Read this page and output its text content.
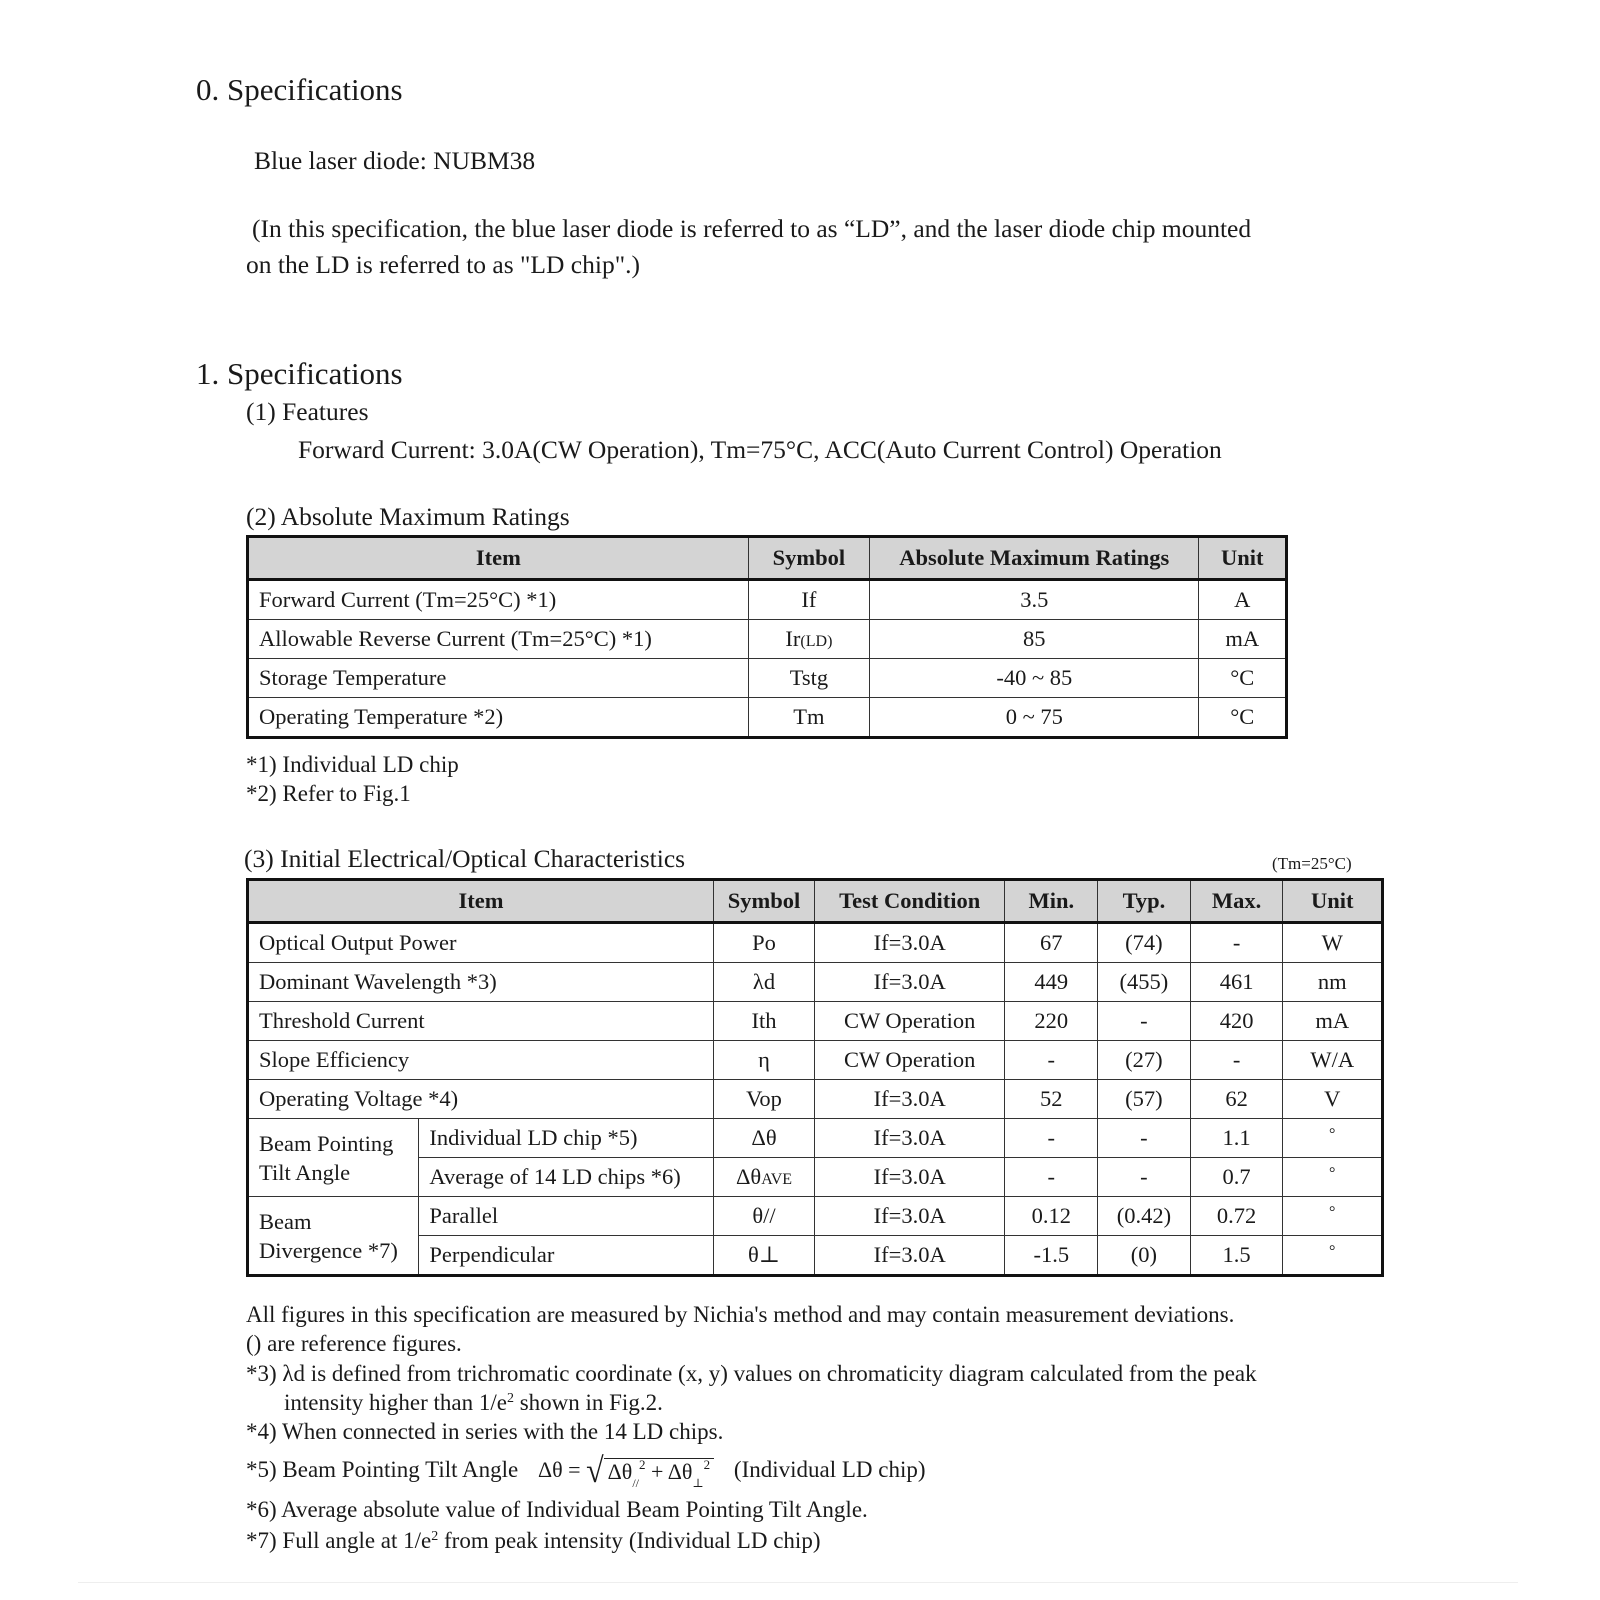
0. Specifications
Blue laser diode: NUBM38
(In this specification, the blue laser diode is referred to as “LD”, and the laser diode chip mounted
on the LD is referred to as "LD chip".)
1. Specifications
(1) Features
Forward Current: 3.0A(CW Operation), Tm=75°C, ACC(Auto Current Control) Operation
(2) Absolute Maximum Ratings
Item	Symbol	Absolute Maximum Ratings	Unit
Forward Current (Tm=25°C) *1)	If	3.5	A
Allowable Reverse Current (Tm=25°C) *1)	Ir(LD)	85	mA
Storage Temperature	Tstg	-40 ~ 85	°C
Operating Temperature *2)	Tm	0 ~ 75	°C
*1) Individual LD chip
*2) Refer to Fig.1
(3) Initial Electrical/Optical Characteristics	(Tm=25°C)
Item		Symbol	Test Condition	Min.	Typ.	Max.	Unit
Optical Output Power		Po	If=3.0A	67	(74)	-	W
Dominant Wavelength *3)		λd	If=3.0A	449	(455)	461	nm
Threshold Current		Ith	CW Operation	220	-	420	mA
Slope Efficiency		η	CW Operation	-	(27)	-	W/A
Operating Voltage *4)		Vop	If=3.0A	52	(57)	62	V
Beam Pointing Tilt Angle	Individual LD chip *5)	Δθ	If=3.0A	-	-	1.1	°
	Average of 14 LD chips *6)	ΔθAVE	If=3.0A	-	-	0.7	°
Beam Divergence *7)	Parallel	θ//	If=3.0A	0.12	(0.42)	0.72	°
	Perpendicular	θ⊥	If=3.0A	-1.5	(0)	1.5	°
All figures in this specification are measured by Nichia's method and may contain measurement deviations.
() are reference figures.
*3) λd is defined from trichromatic coordinate (x, y) values on chromaticity diagram calculated from the peak
intensity higher than $1/e^2$ shown in Fig.2.
*4) When connected in series with the 14 LD chips.
*5) Beam Pointing Tilt Angle Δθ = √ $\Delta\theta_{//}^2 + \Delta\theta_\perp^2$ (Individual LD chip)
*6) Average absolute value of Individual Beam Pointing Tilt Angle.
*7) Full angle at $1/e^2$ from peak intensity (Individual LD chip)
